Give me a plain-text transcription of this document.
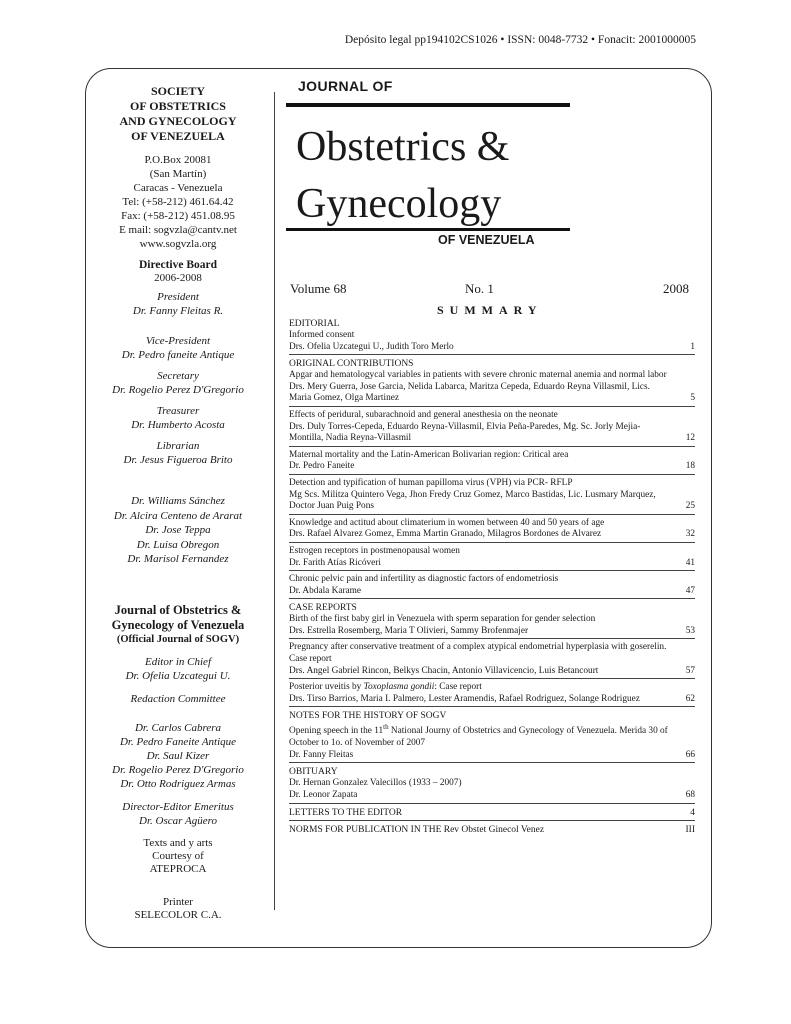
Depósito legal pp194102CS1026 • ISSN: 0048-7732 • Fonacit: 2001000005
SOCIETY
OF OBSTETRICS
AND GYNECOLOGY
OF VENEZUELA
P.O.Box 20081
(San Martín)
Caracas - Venezuela
Tel: (+58-212) 461.64.42
Fax: (+58-212) 451.08.95
E mail: sogvzla@cantv.net
www.sogvzla.org
Directive Board
2006-2008
President
Dr. Fanny Fleitas R.
Vice-President
Dr. Pedro faneite Antique
Secretary
Dr. Rogelio Perez D'Gregorio
Treasurer
Dr. Humberto Acosta
Librarian
Dr. Jesus Figueroa Brito
Dr. Williams Sánchez
Dr. Alcira Centeno de Ararat
Dr. Jose Teppa
Dr. Luisa Obregon
Dr. Marisol Fernandez
Journal of Obstetrics &
Gynecology of Venezuela
(Official Journal of SOGV)
Editor in Chief
Dr. Ofelia Uzcategui U.
Redaction Committee
Dr. Carlos Cabrera
Dr. Pedro Faneite Antique
Dr. Saul Kizer
Dr. Rogelio Perez D'Gregorio
Dr. Otto Rodriguez Armas
Director-Editor Emeritus
Dr. Oscar Agüero
Texts and y arts
Courtesy of
ATEPROCA
Printer
SELECOLOR C.A.
JOURNAL OF
Obstetrics &
Gynecology
OF VENEZUELA
Volume 68	No. 1	2008
SUMMARY
EDITORIAL
Informed consent
Drs. Ofelia Uzcategui U., Judith Toro Merlo	1
ORIGINAL CONTRIBUTIONS
Apgar and hematologycal variables in patients with severe chronic maternal anemia and normal labor
Drs. Mery Guerra, Jose Garcia, Nelida Labarca, Maritza Cepeda, Eduardo Reyna Villasmil, Lics. Maria Gomez, Olga Martinez	5
Effects of peridural, subarachnoid and general anesthesia on the neonate
Drs. Duly Torres-Cepeda, Eduardo Reyna-Villasmil, Elvia Peña-Paredes, Mg. Sc. Jorly Mejia- Montilla, Nadia Reyna-Villasmil	12
Maternal mortality and the Latin-American Bolivarian region: Critical area
Dr. Pedro Faneite	18
Detection and typification of human papilloma virus (VPH) via PCR- RFLP
Mg Scs. Militza Quintero Vega, Jhon Fredy Cruz Gomez, Marco Bastidas, Lic. Lusmary Marquez, Doctor Juan Puig Pons	25
Knowledge and actitud about climaterium in women between 40 and 50 years of age
Drs. Rafael Alvarez Gomez, Emma Martin Granado, Milagros Bordones de Alvarez	32
Estrogen receptors in postmenopausal women
Dr. Farith Atías Ricóveri	41
Chronic pelvic pain and infertility as diagnostic factors of endometriosis
Dr. Abdala Karame	47
CASE REPORTS
Birth of the first baby girl in Venezuela with sperm separation for gender selection
Drs. Estrella Rosemberg, Maria T Olivieri, Sammy Brofenmajer	53
Pregnancy after conservative treatment of a complex atypical endometrial hyperplasia with goserelin. Case report
Drs. Angel Gabriel Rincon, Belkys Chacin, Antonio Villavicencio, Luis Betancourt	57
Posterior uveitis by Toxoplasma gondii: Case report
Drs. Tirso Barrios, Maria I. Palmero, Lester Aramendis, Rafael Rodriguez, Solange Rodriguez	62
NOTES FOR THE HISTORY OF SOGV
Opening speech in the 11th National Journy of Obstetrics and Gynecology of Venezuela. Merida 30 of October to 1o. of November of 2007
Dr. Fanny Fleitas	66
OBITUARY
Dr. Hernan Gonzalez Valecillos (1933 – 2007)
Dr. Leonor Zapata	68
LETTERS TO THE EDITOR	4
NORMS FOR PUBLICATION IN THE Rev Obstet Ginecol Venez	III
